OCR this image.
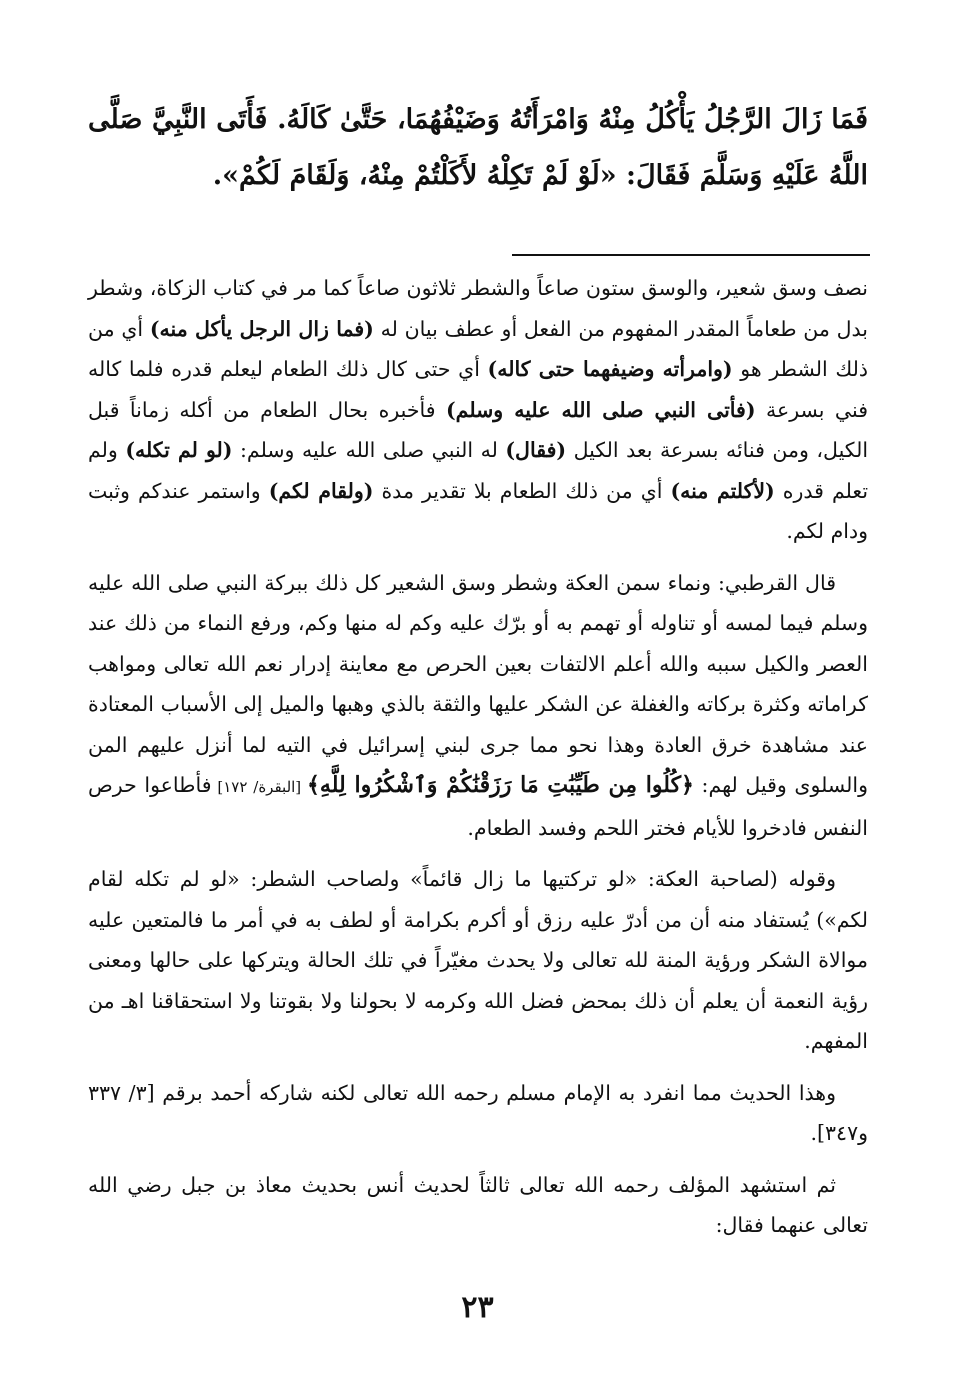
فَمَا زَالَ الرَّجُلُ يَأْكُلُ مِنْهُ وَامْرَأَتُهُ وَضَيْفُهُمَا، حَتَّىٰ كَالَهُ. فَأَتَى النَّبِيَّ صَلَّى اللَّهُ عَلَيْهِ وَسَلَّمَ فَقَالَ: «لَوْ لَمْ تَكِلْهُ لأَكَلْتُمْ مِنْهُ، وَلَقَامَ لَكُمْ».

نصف وسق شعير، والوسق ستون صاعاً والشطر ثلاثون صاعاً كما مر في كتاب الزكاة، وشطر بدل من طعاماً المقدر المفهوم من الفعل أو عطف بيان له (فما زال الرجل يأكل منه) أي من ذلك الشطر هو (وامرأته وضيفهما حتى كاله) أي حتى كال ذلك الطعام ليعلم قدره فلما كاله فني بسرعة (فأتى النبي صلى الله عليه وسلم) فأخبره بحال الطعام من أكله زماناً قبل الكيل، ومن فنائه بسرعة بعد الكيل (فقال) له النبي صلى الله عليه وسلم: (لو لم تكله) ولم تعلم قدره (لأكلتم منه) أي من ذلك الطعام بلا تقدير مدة (ولقام لكم) واستمر عندكم وثبت ودام لكم.

قال القرطبي: ونماء سمن العكة وشطر وسق الشعير كل ذلك ببركة النبي صلى الله عليه وسلم فيما لمسه أو تناوله أو تهمم به أو برّك عليه وكم له منها وكم، ورفع النماء من ذلك عند العصر والكيل سببه والله أعلم الالتفات بعين الحرص مع معاينة إدرار نعم الله تعالى ومواهب كراماته وكثرة بركاته والغفلة عن الشكر عليها والثقة بالذي وهبها والميل إلى الأسباب المعتادة عند مشاهدة خرق العادة وهذا نحو مما جرى لبني إسرائيل في التيه لما أنزل عليهم المن والسلوى وقيل لهم: ﴿كُلُوا مِن طَيِّبَٰتِ مَا رَزَقْنَٰكُمْ وَٱشْكُرُوا لِلَّهِ﴾ [البقرة/ ١٧٢] فأطاعوا حرص النفس فادخروا للأيام فختر اللحم وفسد الطعام.

وقوله (لصاحبة العكة: «لو تركتيها ما زال قائماً» ولصاحب الشطر: «لو لم تكله لقام لكم») يُستفاد منه أن من أدرّ عليه رزق أو أكرم بكرامة أو لطف به في أمر ما فالمتعين عليه موالاة الشكر ورؤية المنة لله تعالى ولا يحدث مغيّراً في تلك الحالة ويتركها على حالها ومعنى رؤية النعمة أن يعلم أن ذلك بمحض فضل الله وكرمه لا بحولنا ولا بقوتنا ولا استحقاقنا اهـ من المفهم.

وهذا الحديث مما انفرد به الإمام مسلم رحمه الله تعالى لكنه شاركه أحمد برقم [٣/ ٣٣٧ و٣٤٧].

ثم استشهد المؤلف رحمه الله تعالى ثالثاً لحديث أنس بحديث معاذ بن جبل رضي الله تعالى عنهما فقال:

٢٣
